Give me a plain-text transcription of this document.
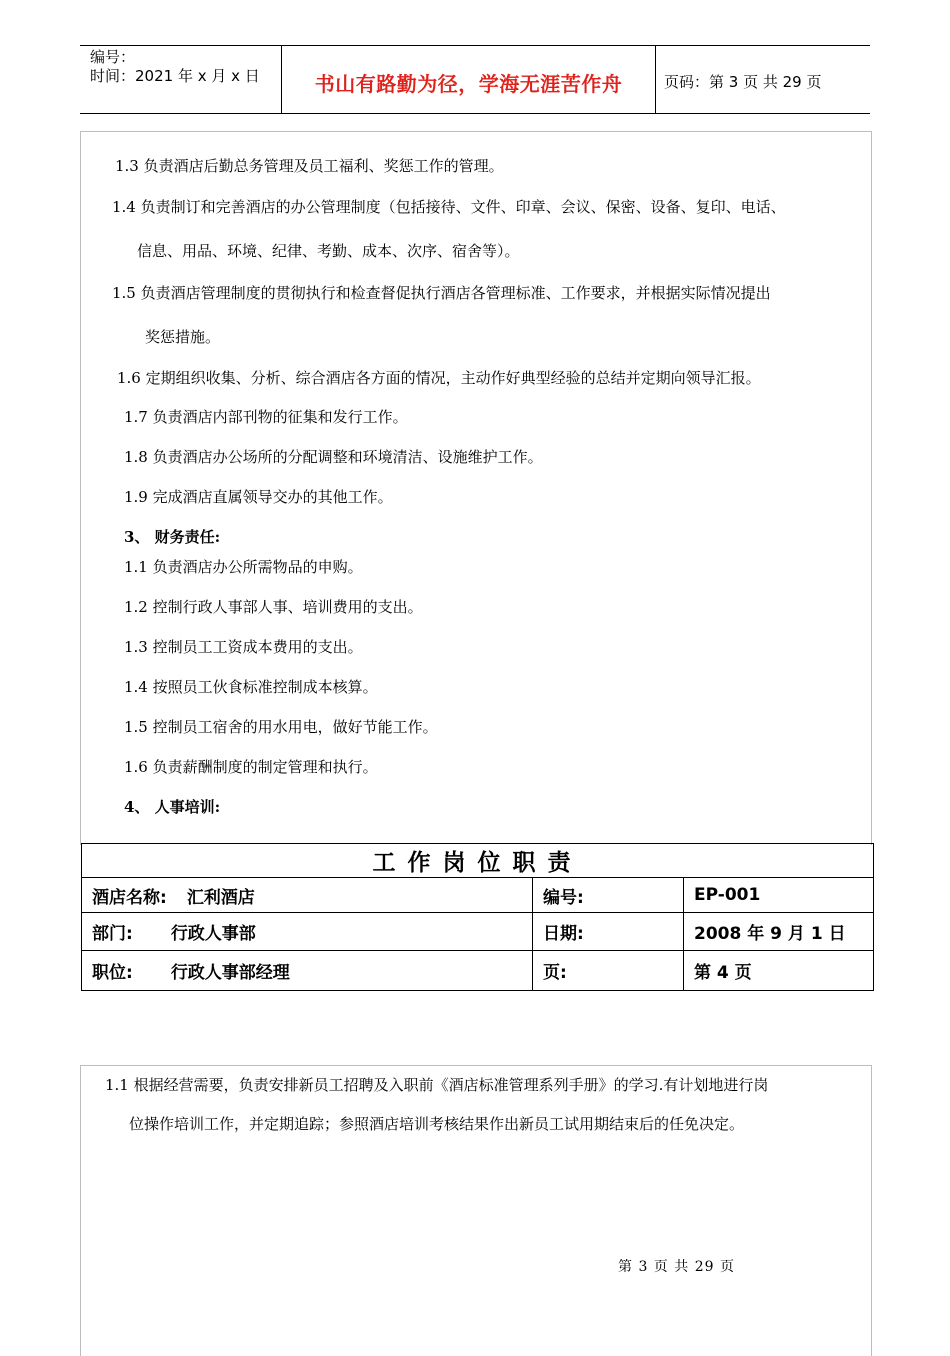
编号：
时间：2021 年 x 月 x 日	书山有路勤为径，学海无涯苦作舟	页码：第 3 页 共 29 页
1.3 负责酒店后勤总务管理及员工福利、奖惩工作的管理。
1.4 负责制订和完善酒店的办公管理制度（包括接待、文件、印章、会议、保密、设备、复印、电话、
信息、用品、环境、纪律、考勤、成本、次序、宿舍等）。
1.5 负责酒店管理制度的贯彻执行和检查督促执行酒店各管理标准、工作要求，并根据实际情况提出
奖惩措施。
1.6 定期组织收集、分析、综合酒店各方面的情况，主动作好典型经验的总结并定期向领导汇报。
1.7 负责酒店内部刊物的征集和发行工作。
1.8 负责酒店办公场所的分配调整和环境清洁、设施维护工作。
1.9 完成酒店直属领导交办的其他工作。
3、 财务责任:
1.1 负责酒店办公所需物品的申购。
1.2 控制行政人事部人事、培训费用的支出。
1.3 控制员工工资成本费用的支出。
1.4 按照员工伙食标准控制成本核算。
1.5 控制员工宿舍的用水用电，做好节能工作。
1.6 负责薪酬制度的制定管理和执行。
4、 人事培训:
工作岗位职责		
酒店名称: 汇利酒店	编号:	EP-001
部门: 行政人事部	日期:	2008 年 9 月 1 日
职位: 行政人事部经理	页:	第 4 页
1.1 根据经营需要，负责安排新员工招聘及入职前《酒店标准管理系列手册》的学习.有计划地进行岗
位操作培训工作，并定期追踪；参照酒店培训考核结果作出新员工试用期结束后的任免决定。
第 3 页 共 29 页
